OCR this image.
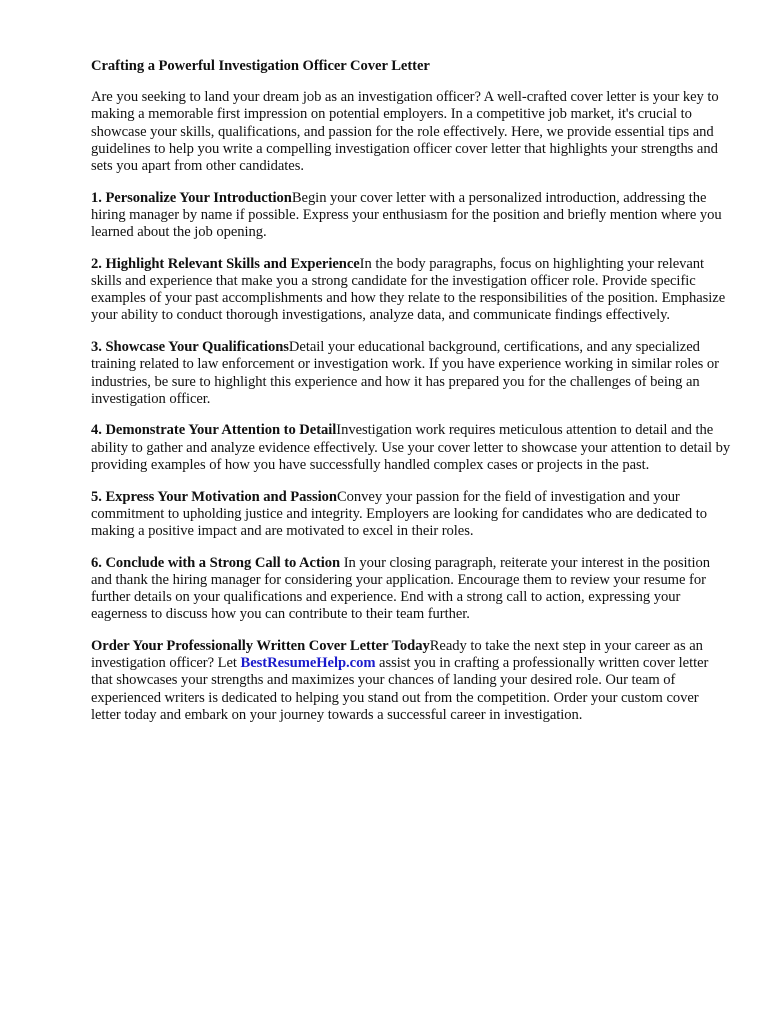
Crafting a Powerful Investigation Officer Cover Letter

Are you seeking to land your dream job as an investigation officer? A well-crafted cover letter is your key to making a memorable first impression on potential employers. In a competitive job market, it's crucial to showcase your skills, qualifications, and passion for the role effectively. Here, we provide essential tips and guidelines to help you write a compelling investigation officer cover letter that highlights your strengths and sets you apart from other candidates.

1. Personalize Your IntroductionBegin your cover letter with a personalized introduction, addressing the hiring manager by name if possible. Express your enthusiasm for the position and briefly mention where you learned about the job opening.

2. Highlight Relevant Skills and ExperienceIn the body paragraphs, focus on highlighting your relevant skills and experience that make you a strong candidate for the investigation officer role. Provide specific examples of your past accomplishments and how they relate to the responsibilities of the position. Emphasize your ability to conduct thorough investigations, analyze data, and communicate findings effectively.

3. Showcase Your QualificationsDetail your educational background, certifications, and any specialized training related to law enforcement or investigation work. If you have experience working in similar roles or industries, be sure to highlight this experience and how it has prepared you for the challenges of being an investigation officer.

4. Demonstrate Your Attention to DetailInvestigation work requires meticulous attention to detail and the ability to gather and analyze evidence effectively. Use your cover letter to showcase your attention to detail by providing examples of how you have successfully handled complex cases or projects in the past.

5. Express Your Motivation and PassionConvey your passion for the field of investigation and your commitment to upholding justice and integrity. Employers are looking for candidates who are dedicated to making a positive impact and are motivated to excel in their roles.

6. Conclude with a Strong Call to Action In your closing paragraph, reiterate your interest in the position and thank the hiring manager for considering your application. Encourage them to review your resume for further details on your qualifications and experience. End with a strong call to action, expressing your eagerness to discuss how you can contribute to their team further.

Order Your Professionally Written Cover Letter TodayReady to take the next step in your career as an investigation officer? Let BestResumeHelp.com assist you in crafting a professionally written cover letter that showcases your strengths and maximizes your chances of landing your desired role. Our team of experienced writers is dedicated to helping you stand out from the competition. Order your custom cover letter today and embark on your journey towards a successful career in investigation.
